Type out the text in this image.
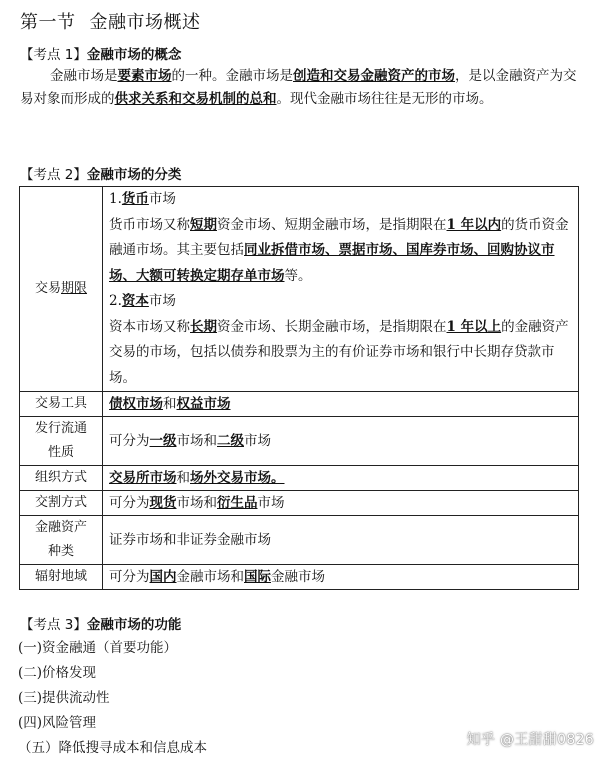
第一节 金融市场概述
【考点 1】金融市场的概念
金融市场是要素市场的一种。金融市场是创造和交易金融资产的市场，是以金融资产为交易对象而形成的供求关系和交易机制的总和。现代金融市场往往是无形的市场。
【考点 2】金融市场的分类
交易期限	1.货币市场
货币市场又称短期资金市场、短期金融市场，是指期限在1 年以内的货币资金融通市场。其主要包括同业拆借市场、票据市场、国库券市场、回购协议市场、大额可转换定期存单市场等。
2.资本市场
资本市场又称长期资金市场、长期金融市场，是指期限在1 年以上的金融资产交易的市场，包括以债券和股票为主的有价证券市场和银行中长期存贷款市场。

交易工具	债权市场和权益市场

发行流通
性质	可分为一级市场和二级市场
组织方式	交易所市场和场外交易市场。
交割方式	可分为现货市场和衍生品市场

金融资产
种类	证券市场和非证券金融市场
辐射地域	可分为国内金融市场和国际金融市场
【考点 3】金融市场的功能
(一)资金融通（首要功能）
(二)价格发现
(三)提供流动性
(四)风险管理
（五）降低搜寻成本和信息成本	知乎 @王甜甜0826
